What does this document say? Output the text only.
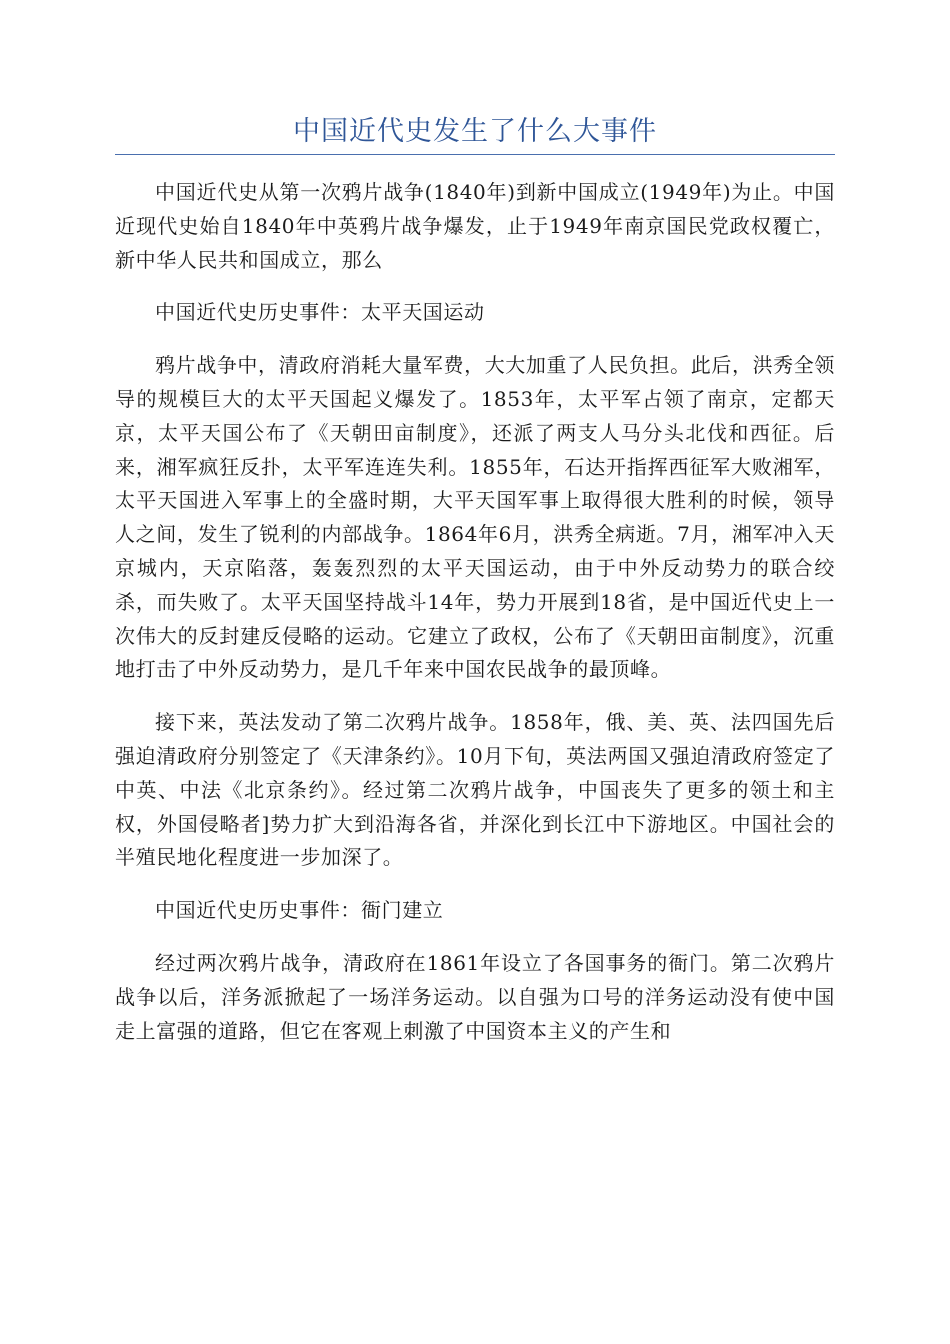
中国近代史发生了什么大事件

中国近代史从第一次鸦片战争(1840年)到新中国成立(1949年)为止。中国近现代史始自1840年中英鸦片战争爆发，止于1949年南京国民党政权覆亡，新中华人民共和国成立，那么

中国近代史历史事件：太平天国运动

鸦片战争中，清政府消耗大量军费，大大加重了人民负担。此后，洪秀全领导的规模巨大的太平天国起义爆发了。1853年，太平军占领了南京，定都天京，太平天国公布了《天朝田亩制度》，还派了两支人马分头北伐和西征。后来，湘军疯狂反扑，太平军连连失利。1855年，石达开指挥西征军大败湘军，太平天国进入军事上的全盛时期，大平天国军事上取得很大胜利的时候，领导人之间，发生了锐利的内部战争。1864年6月，洪秀全病逝。7月，湘军冲入天京城内，天京陷落，轰轰烈烈的太平天国运动，由于中外反动势力的联合绞杀，而失败了。太平天国坚持战斗14年，势力开展到18省，是中国近代史上一次伟大的反封建反侵略的运动。它建立了政权，公布了《天朝田亩制度》，沉重地打击了中外反动势力，是几千年来中国农民战争的最顶峰。

接下来，英法发动了第二次鸦片战争。1858年，俄、美、英、法四国先后强迫清政府分别签定了《天津条约》。10月下旬，英法两国又强迫清政府签定了中英、中法《北京条约》。经过第二次鸦片战争，中国丧失了更多的领土和主权，外国侵略者]势力扩大到沿海各省，并深化到长江中下游地区。中国社会的半殖民地化程度进一步加深了。

中国近代史历史事件：衙门建立

经过两次鸦片战争，清政府在1861年设立了各国事务的衙门。第二次鸦片战争以后，洋务派掀起了一场洋务运动。以自强为口号的洋务运动没有使中国走上富强的道路，但它在客观上刺激了中国资本主义的产生和
